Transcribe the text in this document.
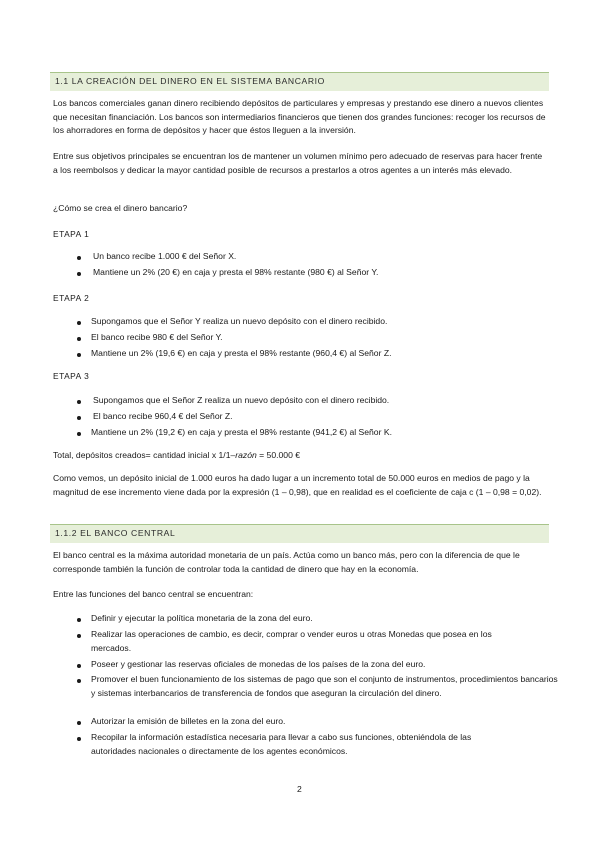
1.1 LA CREACIÓN DEL DINERO EN EL SISTEMA BANCARIO

Los bancos comerciales ganan dinero recibiendo depósitos de particulares y empresas y prestando ese dinero a nuevos clientes que necesitan financiación. Los bancos son intermediarios financieros que tienen dos grandes funciones: recoger los recursos de los ahorradores en forma de depósitos y hacer que éstos lleguen a la inversión.

Entre sus objetivos principales se encuentran los de mantener un volumen mínimo pero adecuado de reservas para hacer frente a los reembolsos y dedicar la mayor cantidad posible de recursos a prestarlos a otros agentes a un interés más elevado.

¿Cómo se crea el dinero bancario?

ETAPA 1

Un banco recibe 1.000 € del Señor X.
Mantiene un 2% (20 €) en caja y presta el 98% restante (980 €) al Señor Y.

ETAPA 2

Supongamos que el Señor Y realiza un nuevo depósito con el dinero recibido.
El banco recibe 980 € del Señor Y.
Mantiene un 2% (19,6 €) en caja y presta el 98% restante (960,4 €) al Señor Z.

ETAPA 3

Supongamos que el Señor Z realiza un nuevo depósito con el dinero recibido.
El banco recibe 960,4 € del Señor Z.
Mantiene un 2% (19,2 €) en caja y presta el 98% restante (941,2 €) al Señor K.

Total, depósitos creados= cantidad inicial x 1/1–razón = 50.000 €

Como vemos, un depósito inicial de 1.000 euros ha dado lugar a un incremento total de 50.000 euros en medios de pago y la magnitud de ese incremento viene dada por la expresión (1 – 0,98), que en realidad es el coeficiente de caja c (1 – 0,98 = 0,02).

1.1.2 EL BANCO CENTRAL

El banco central es la máxima autoridad monetaria de un país. Actúa como un banco más, pero con la diferencia de que le corresponde también la función de controlar toda la cantidad de dinero que hay en la economía.

Entre las funciones del banco central se encuentran:

Definir y ejecutar la política monetaria de la zona del euro.
Realizar las operaciones de cambio, es decir, comprar o vender euros u otras Monedas que posea en los mercados.
Poseer y gestionar las reservas oficiales de monedas de los países de la zona del euro.
Promover el buen funcionamiento de los sistemas de pago que son el conjunto de instrumentos, procedimientos bancarios y sistemas interbancarios de transferencia de fondos que aseguran la circulación del dinero.
Autorizar la emisión de billetes en la zona del euro.
Recopilar la información estadística necesaria para llevar a cabo sus funciones, obteniéndola de las autoridades nacionales o directamente de los agentes económicos.
2
